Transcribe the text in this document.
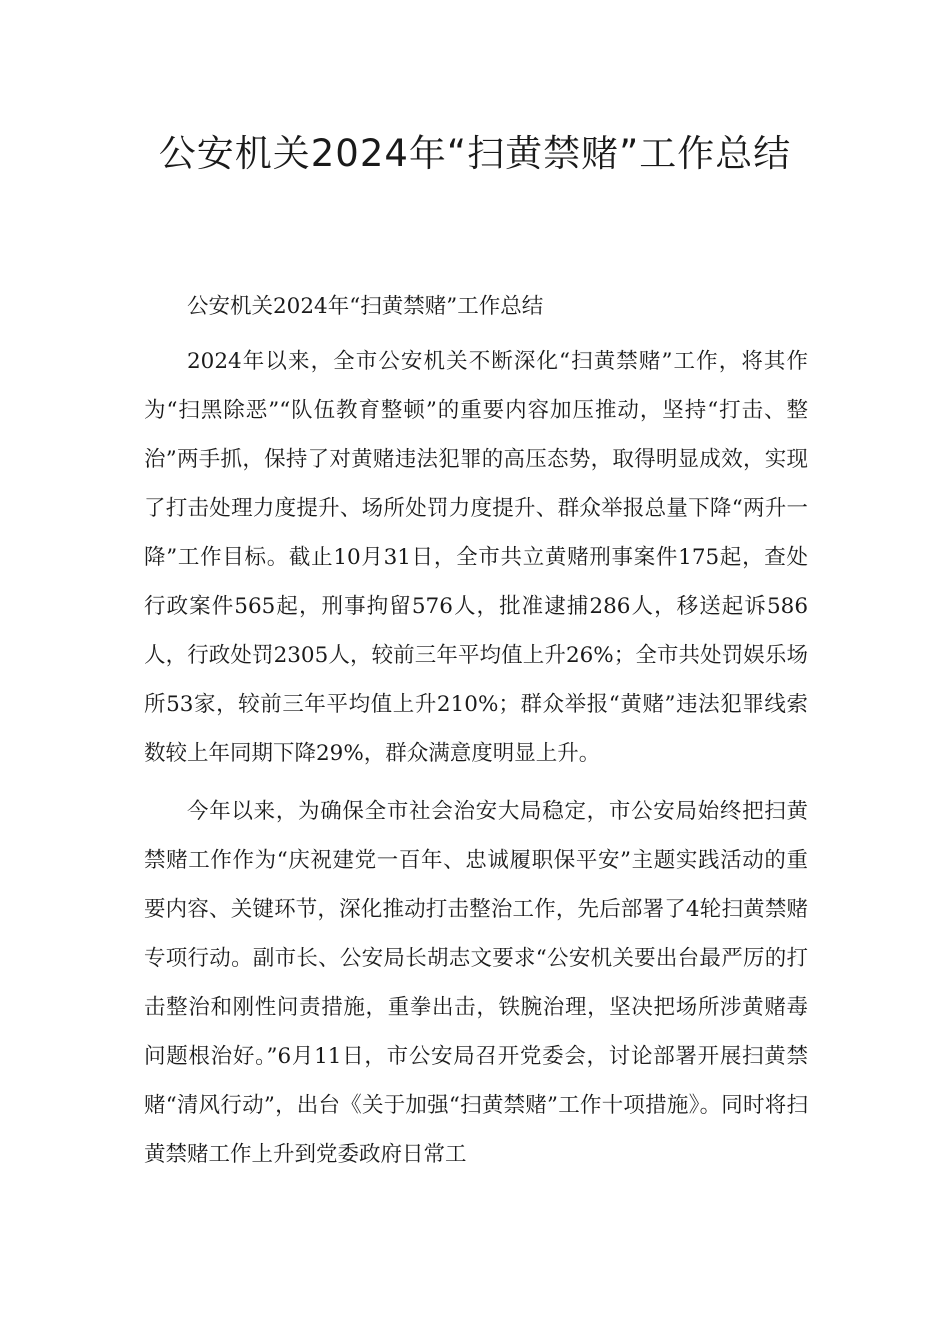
公安机关2024年“扫黄禁赌”工作总结

公安机关2024年“扫黄禁赌”工作总结

2024年以来，全市公安机关不断深化“扫黄禁赌”工作，将其作为“扫黑除恶”“队伍教育整顿”的重要内容加压推动，坚持“打击、整治”两手抓，保持了对黄赌违法犯罪的高压态势，取得明显成效，实现了打击处理力度提升、场所处罚力度提升、群众举报总量下降“两升一降”工作目标。截止10月31日，全市共立黄赌刑事案件175起，查处行政案件565起，刑事拘留576人，批准逮捕286人，移送起诉586人，行政处罚2305人，较前三年平均值上升26%；全市共处罚娱乐场所53家，较前三年平均值上升210%；群众举报“黄赌”违法犯罪线索数较上年同期下降29%，群众满意度明显上升。

今年以来，为确保全市社会治安大局稳定，市公安局始终把扫黄禁赌工作作为“庆祝建党一百年、忠诚履职保平安”主题实践活动的重要内容、关键环节，深化推动打击整治工作，先后部署了4轮扫黄禁赌专项行动。副市长、公安局长胡志文要求“公安机关要出台最严厉的打击整治和刚性问责措施，重拳出击，铁腕治理，坚决把场所涉黄赌毒问题根治好。”6月11日，市公安局召开党委会，讨论部署开展扫黄禁赌“清风行动”，出台《关于加强“扫黄禁赌”工作十项措施》。同时将扫黄禁赌工作上升到党委政府日常工
